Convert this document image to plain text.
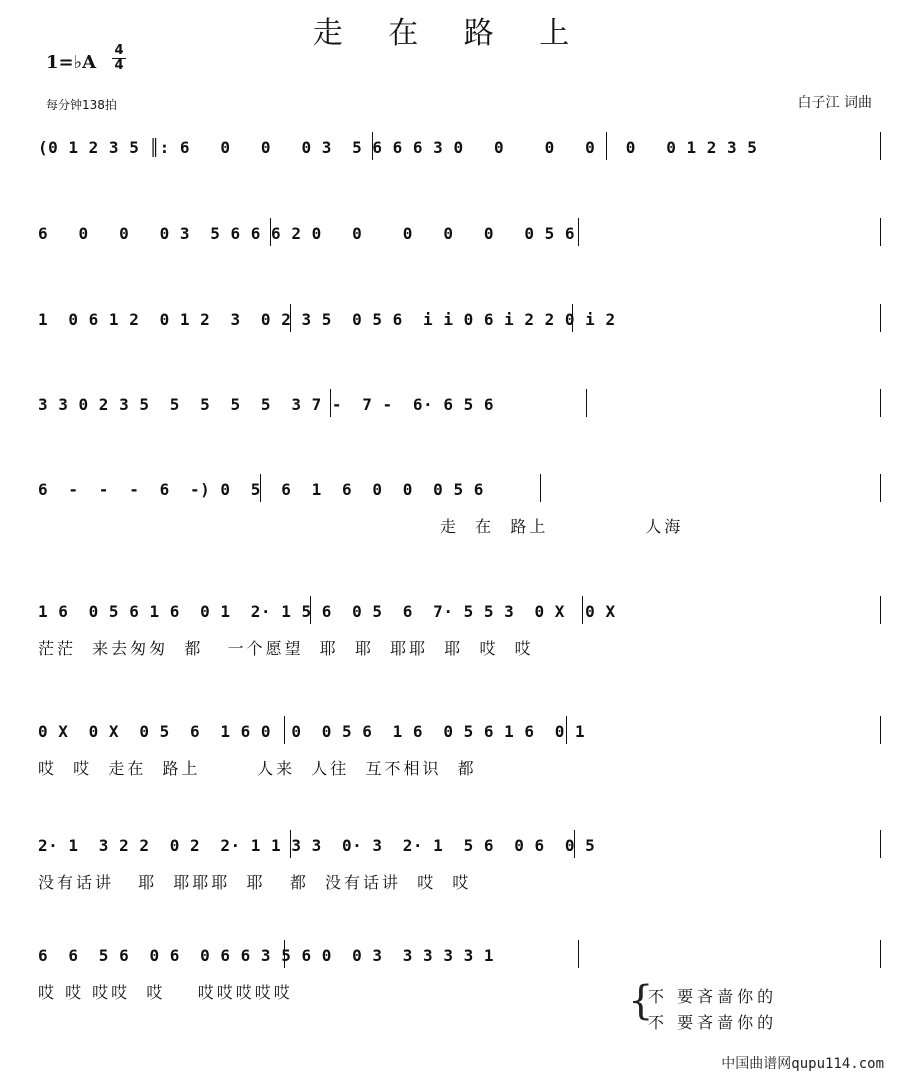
走 在 路 上
1=♭A
4
4
每分钟138拍	白子江 词曲
(0 1 2 3 5 ║: 6   0   0   0 3  5 6 6 6 3 0   0    0   0   0   0 1 2 3 5
6   0   0   0 3  5 6 6 6 2 0   0    0   0   0   0 5 6
1  0 6 1 2  0 1 2  3  0 2 3 5  0 5 6  i i 0 6 i 2 2 0 i 2
3 3 0 2 3 5  5  5  5  5  3 7 -  7 -  6· 6 5 6
6  -  -  -  6  -) 0  5  6  1  6  0  0  0 5 6
走  在  路上            人海
1 6  0 5 6 1 6  0 1  2· 1 5 6  0 5  6  7· 5 5 3  0 X  0 X
茫茫  来去匆匆  都   一个愿望  耶  耶  耶耶  耶  哎  哎
0 X  0 X  0 5  6  1 6 0  0  0 5 6  1 6  0 5 6 1 6  0 1
哎  哎  走在  路上       人来  人往  互不相识  都
2· 1  3 2 2  0 2  2· 1 1 3 3  0· 3  2· 1  5 6  0 6  0 5
没有话讲   耶  耶耶耶  耶   都  没有话讲  哎  哎
6  6  5 6  0 6  0 6 6 3 5 6 0  0 3  3 3 3 3 1
哎 哎 哎哎  哎    哎哎哎哎哎	{
不 要吝啬你的
不 要吝啬你的
中国曲谱网qupu114.com
